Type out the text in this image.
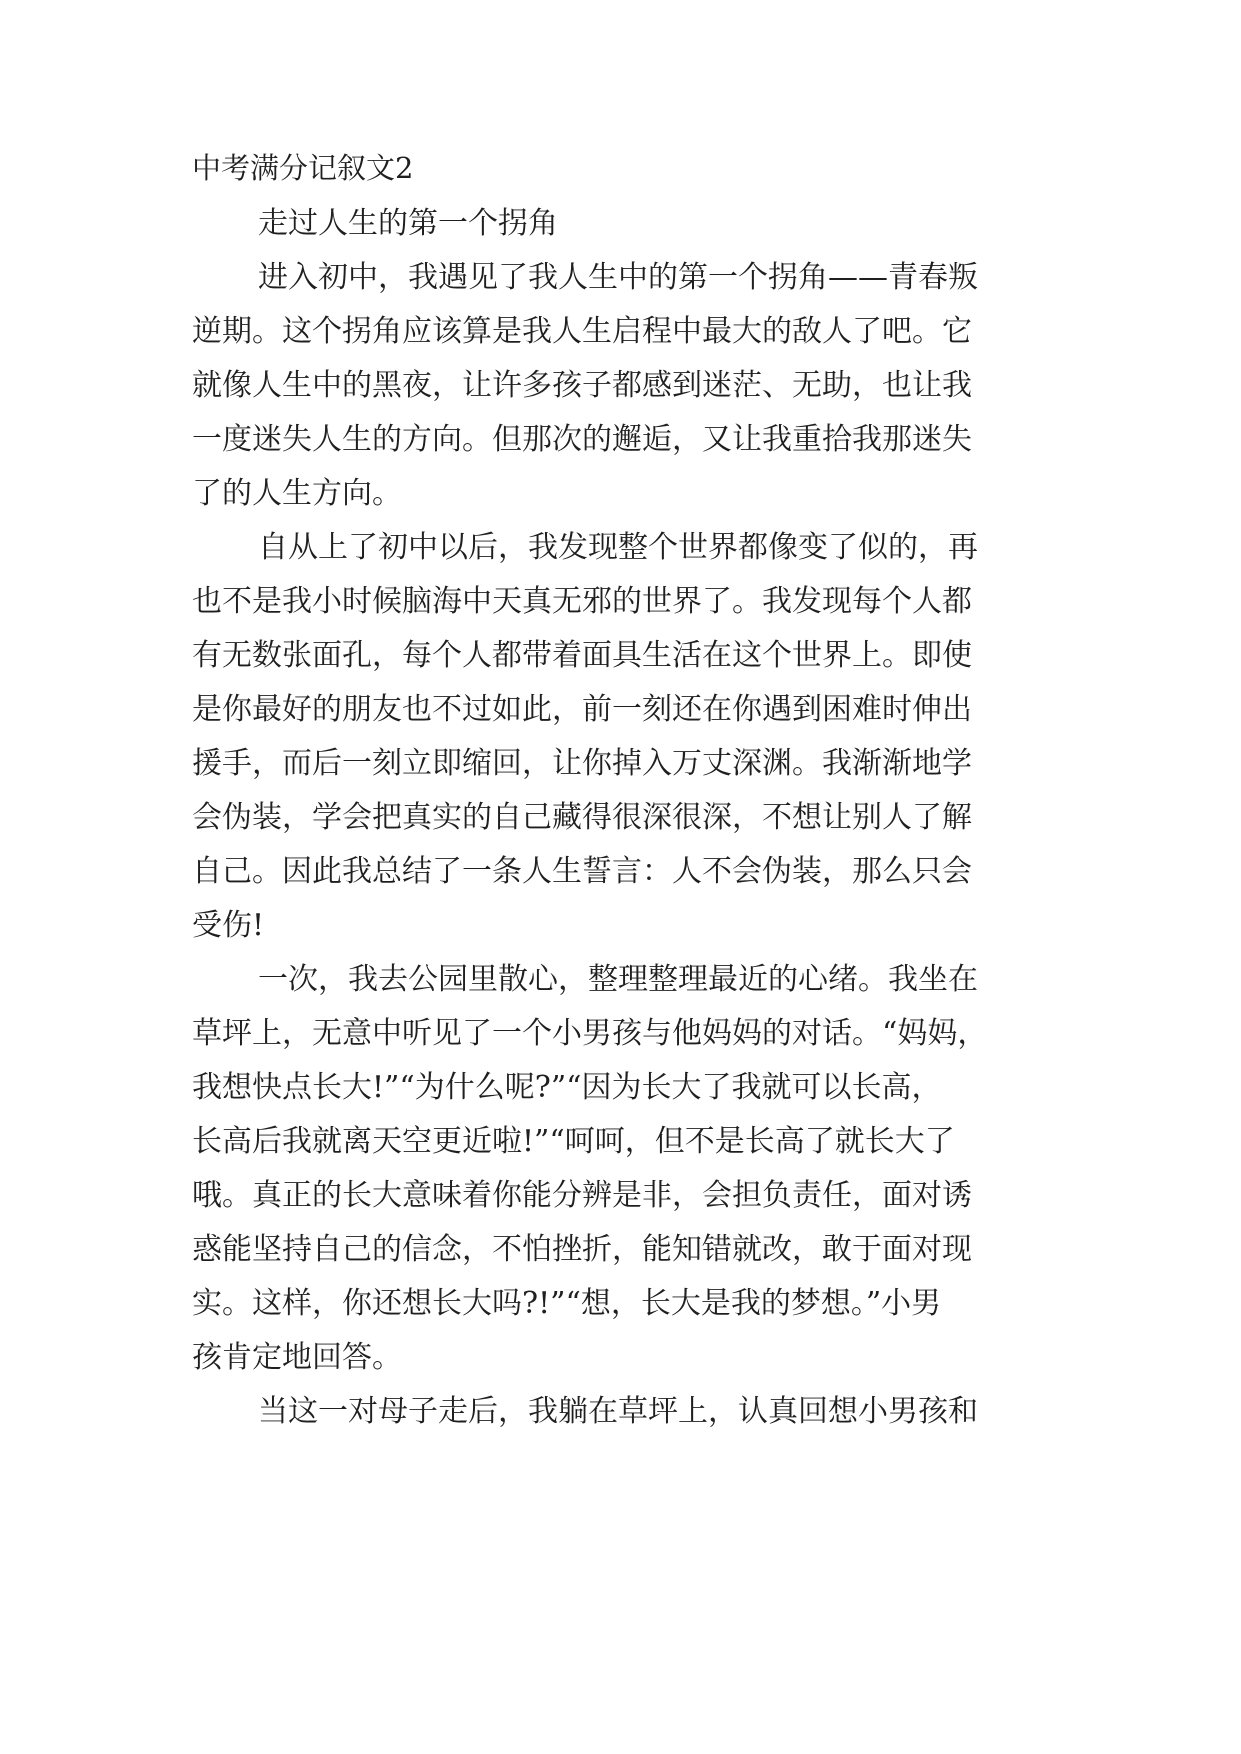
中考满分记叙文2

走过人生的第一个拐角

进入初中，我遇见了我人生中的第一个拐角——青春叛

逆期。这个拐角应该算是我人生启程中最大的敌人了吧。它

就像人生中的黑夜，让许多孩子都感到迷茫、无助，也让我

一度迷失人生的方向。但那次的邂逅，又让我重拾我那迷失

了的人生方向。

自从上了初中以后，我发现整个世界都像变了似的，再

也不是我小时候脑海中天真无邪的世界了。我发现每个人都

有无数张面孔，每个人都带着面具生活在这个世界上。即使

是你最好的朋友也不过如此，前一刻还在你遇到困难时伸出

援手，而后一刻立即缩回，让你掉入万丈深渊。我渐渐地学

会伪装，学会把真实的自己藏得很深很深，不想让别人了解

自己。因此我总结了一条人生誓言：人不会伪装，那么只会

受伤!

一次，我去公园里散心，整理整理最近的心绪。我坐在

草坪上，无意中听见了一个小男孩与他妈妈的对话。“妈妈，

我想快点长大!”“为什么呢?”“因为长大了我就可以长高，

长高后我就离天空更近啦!”“呵呵，但不是长高了就长大了

哦。真正的长大意味着你能分辨是非，会担负责任，面对诱

惑能坚持自己的信念，不怕挫折，能知错就改，敢于面对现

实。这样，你还想长大吗?!”“想，长大是我的梦想。”小男

孩肯定地回答。

当这一对母子走后，我躺在草坪上，认真回想小男孩和
